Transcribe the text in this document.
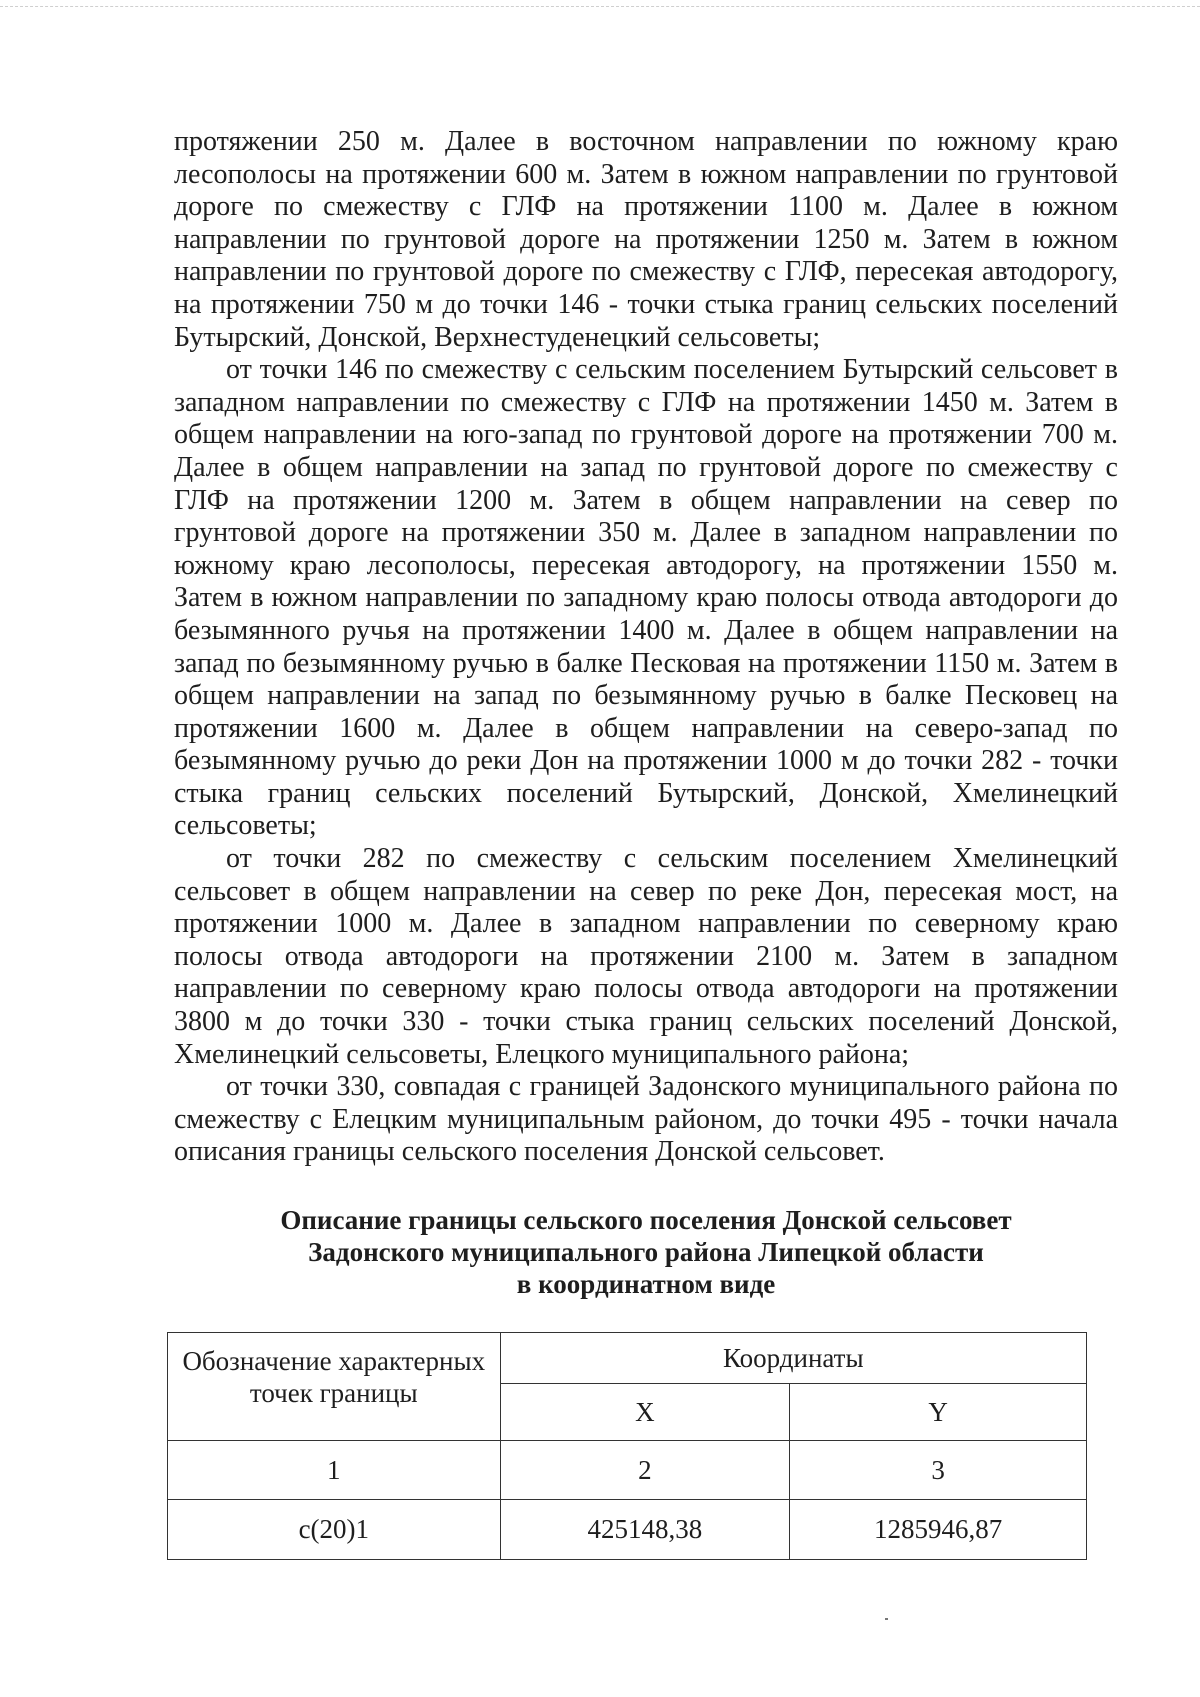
протяжении 250 м. Далее в восточном направлении по южному краю лесополосы на протяжении 600 м. Затем в южном направлении по грунтовой дороге по смежеству с ГЛФ на протяжении 1100 м. Далее в южном направлении по грунтовой дороге на протяжении 1250 м. Затем в южном направлении по грунтовой дороге по смежеству с ГЛФ, пересекая автодорогу, на протяжении 750 м до точки 146 - точки стыка границ сельских поселений Бутырский, Донской, Верхнестуденецкий сельсоветы;

от точки 146 по смежеству с сельским поселением Бутырский сельсовет в западном направлении по смежеству с ГЛФ на протяжении 1450 м. Затем в общем направлении на юго-запад по грунтовой дороге на протяжении 700 м. Далее в общем направлении на запад по грунтовой дороге по смежеству с ГЛФ на протяжении 1200 м. Затем в общем направлении на север по грунтовой дороге на протяжении 350 м. Далее в западном направлении по южному краю лесополосы, пересекая автодорогу, на протяжении 1550 м. Затем в южном направлении по западному краю полосы отвода автодороги до безымянного ручья на протяжении 1400 м. Далее в общем направлении на запад по безымянному ручью в балке Песковая на протяжении 1150 м. Затем в общем направлении на запад по безымянному ручью в балке Песковец на протяжении 1600 м. Далее в общем направлении на северо-запад по безымянному ручью до реки Дон на протяжении 1000 м до точки 282 - точки стыка границ сельских поселений Бутырский, Донской, Хмелинецкий сельсоветы;

от точки 282 по смежеству с сельским поселением Хмелинецкий сельсовет в общем направлении на север по реке Дон, пересекая мост, на протяжении 1000 м. Далее в западном направлении по северному краю полосы отвода автодороги на протяжении 2100 м. Затем в западном направлении по северному краю полосы отвода автодороги на протяжении 3800 м до точки 330 - точки стыка границ сельских поселений Донской, Хмелинецкий сельсоветы, Елецкого муниципального района;

от точки 330, совпадая с границей Задонского муниципального района по смежеству с Елецким муниципальным районом, до точки 495 - точки начала описания границы сельского поселения Донской сельсовет.

Описание границы сельского поселения Донской сельсовет
Задонского муниципального района Липецкой области
в координатном виде
Обозначение характерных точек границы	Координаты	
	X	Y
1	2	3
с(20)1	425148,38	1285946,87
